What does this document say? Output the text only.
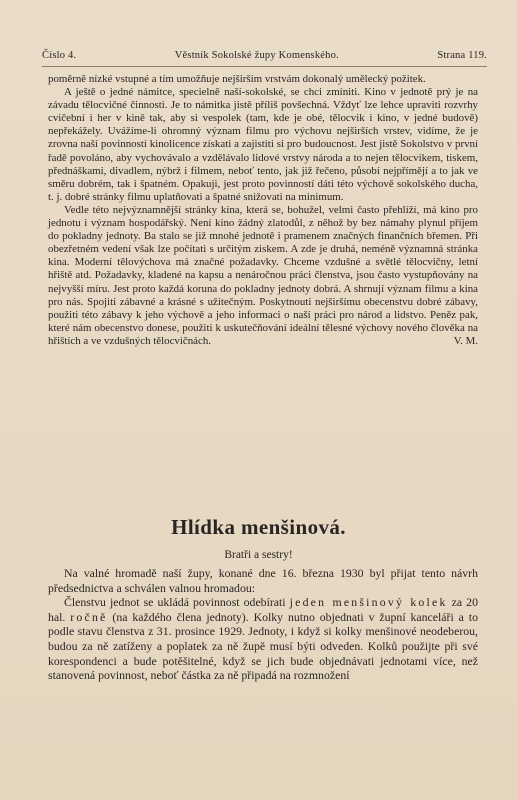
Číslo 4.	Věstník Sokolské župy Komenského.	Strana 119.

poměrně nízké vstupné a tím umožňuje nejširším vrstvám dokonalý umělecký požitek.

A ještě o jedné námitce, specielně naší-sokolské, se chci zmíniti. Kino v jednotě prý je na závadu tělocvičné činnosti. Je to námitka jistě příliš povšechná. Vždyť lze lehce upraviti rozvrhy cvičební i her v kině tak, aby si vespolek (tam, kde je obé, tělocvik i kino, v jedné budově) nepřekážely. Uvážíme-li ohromný význam filmu pro výchovu nejširších vrstev, vidíme, že je zrovna naší povinností kinolicence získati a zajistiti si pro budoucnost. Jest jistě Sokolstvo v první řadě povoláno, aby vychovávalo a vzdělávalo lidové vrstvy národa a to nejen tělocvikem, tiskem, přednáškami, divadlem, nýbrž i filmem, neboť tento, jak již řečeno, působí nejpřímějí a to jak ve směru dobrém, tak i špatném. Opakuji, jest proto povinností dáti této výchově sokolského ducha, t. j. dobré stránky filmu uplatňovati a špatné snižovati na minimum.

Vedle této nejvýznamnější stránky kina, která se, bohužel, velmi často přehlíží, má kino pro jednotu i význam hospodářský. Není kino žádný zlatodůl, z něhož by bez námahy plynul příjem do pokladny jednoty. Ba stalo se již mnohé jednotě i pramenem značných finančních břemen. Při obezřetném vedení však lze počítati s určitým ziskem. A zde je druhá, neméně významná stránka kina. Moderní tělovýchova má značné požadavky. Chceme vzdušné a světlé tělocvičny, letní hřiště atd. Požadavky, kladené na kapsu a nenáročnou práci členstva, jsou často vystupňovány na nejvyšší míru. Jest proto každá koruna do pokladny jednoty dobrá. A shrnují význam filmu a kina pro nás. Spojiti zábavné a krásné s užitečným. Poskytnouti nejširšímu obecenstvu dobré zábavy, použiti této zábavy k jeho výchově a jeho informaci o naší práci pro národ a lidstvo. Peněz pak, které nám obecenstvo donese, použiti k uskutečňování ideální tělesné výchovy nového člověka na hřištích a ve vzdušných tělocvičnách.	V. M.

Hlídka menšinová.
Bratři a sestry!

Na valné hromadě naší župy, konané dne 16. března 1930 byl přijat tento návrh předsednictva a schválen valnou hromadou:

Členstvu jednot se ukládá povinnost odebírati jeden menšinový kolek za 20 hal. ročně (na každého člena jednoty). Kolky nutno objednati v župní kanceláři a to podle stavu členstva z 31. prosince 1929. Jednoty, i když si kolky menšinové neodeberou, budou za ně zatíženy a poplatek za ně župě musí býti odveden. Kolků použijte při své korespondenci a bude potěšitelné, když se jich bude objednávati jednotami více, než stanovená povinnost, neboť částka za ně připadá na rozmnožení
